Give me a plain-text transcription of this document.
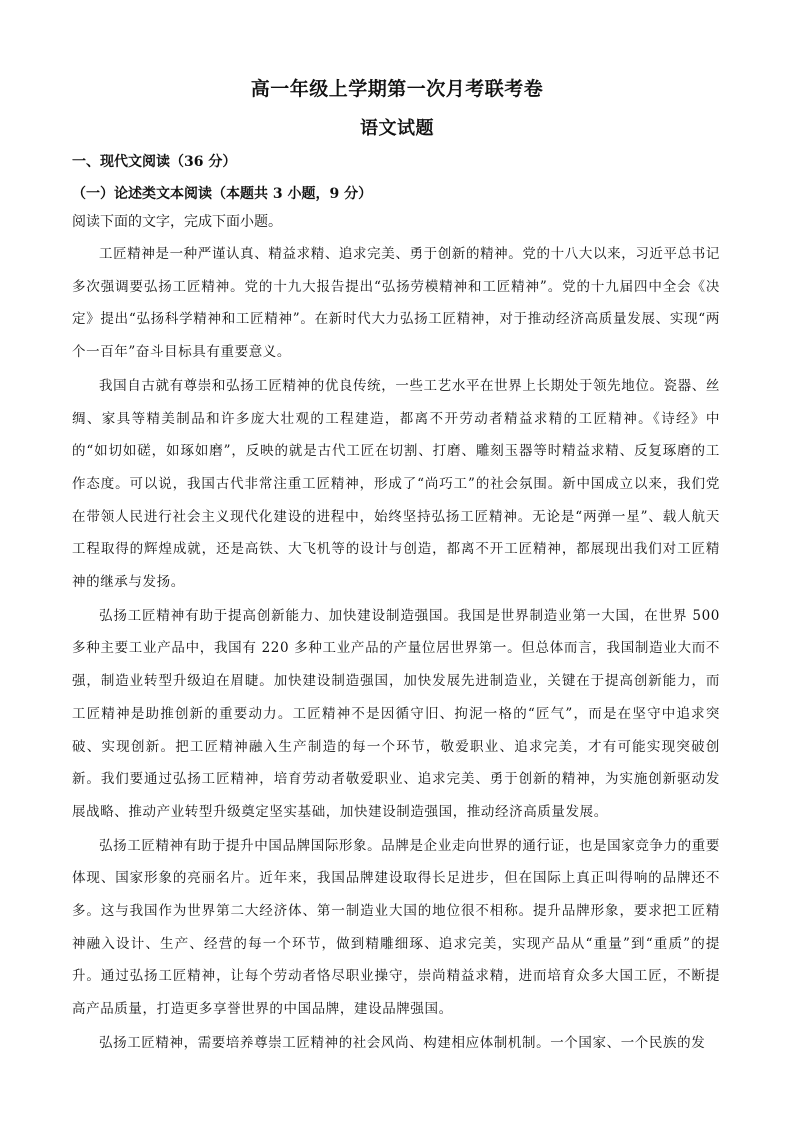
高一年级上学期第一次月考联考卷
语文试题
一、现代文阅读（36 分）
（一）论述类文本阅读（本题共 3 小题，9 分）
阅读下面的文字，完成下面小题。

工匠精神是一种严谨认真、精益求精、追求完美、勇于创新的精神。党的十八大以来，习近平总书记多次强调要弘扬工匠精神。党的十九大报告提出“弘扬劳模精神和工匠精神”。党的十九届四中全会《决定》提出“弘扬科学精神和工匠精神”。在新时代大力弘扬工匠精神，对于推动经济高质量发展、实现“两个一百年”奋斗目标具有重要意义。

我国自古就有尊崇和弘扬工匠精神的优良传统，一些工艺水平在世界上长期处于领先地位。瓷器、丝绸、家具等精美制品和许多庞大壮观的工程建造，都离不开劳动者精益求精的工匠精神。《诗经》中的“如切如磋，如琢如磨”，反映的就是古代工匠在切割、打磨、雕刻玉器等时精益求精、反复琢磨的工作态度。可以说，我国古代非常注重工匠精神，形成了“尚巧工”的社会氛围。新中国成立以来，我们党在带领人民进行社会主义现代化建设的进程中，始终坚持弘扬工匠精神。无论是“两弹一星”、载人航天工程取得的辉煌成就，还是高铁、大飞机等的设计与创造，都离不开工匠精神，都展现出我们对工匠精神的继承与发扬。

弘扬工匠精神有助于提高创新能力、加快建设制造强国。我国是世界制造业第一大国，在世界 500 多种主要工业产品中，我国有 220 多种工业产品的产量位居世界第一。但总体而言，我国制造业大而不强，制造业转型升级迫在眉睫。加快建设制造强国，加快发展先进制造业，关键在于提高创新能力，而工匠精神是助推创新的重要动力。工匠精神不是因循守旧、拘泥一格的“匠气”，而是在坚守中追求突破、实现创新。把工匠精神融入生产制造的每一个环节，敬爱职业、追求完美，才有可能实现突破创新。我们要通过弘扬工匠精神，培育劳动者敬爱职业、追求完美、勇于创新的精神，为实施创新驱动发展战略、推动产业转型升级奠定坚实基础，加快建设制造强国，推动经济高质量发展。

弘扬工匠精神有助于提升中国品牌国际形象。品牌是企业走向世界的通行证，也是国家竞争力的重要体现、国家形象的亮丽名片。近年来，我国品牌建设取得长足进步，但在国际上真正叫得响的品牌还不多。这与我国作为世界第二大经济体、第一制造业大国的地位很不相称。提升品牌形象，要求把工匠精神融入设计、生产、经营的每一个环节，做到精雕细琢、追求完美，实现产品从“重量”到“重质”的提升。通过弘扬工匠精神，让每个劳动者恪尽职业操守，崇尚精益求精，进而培育众多大国工匠，不断提高产品质量，打造更多享誉世界的中国品牌，建设品牌强国。

弘扬工匠精神，需要培养尊崇工匠精神的社会风尚、构建相应体制机制。一个国家、一个民族的发
